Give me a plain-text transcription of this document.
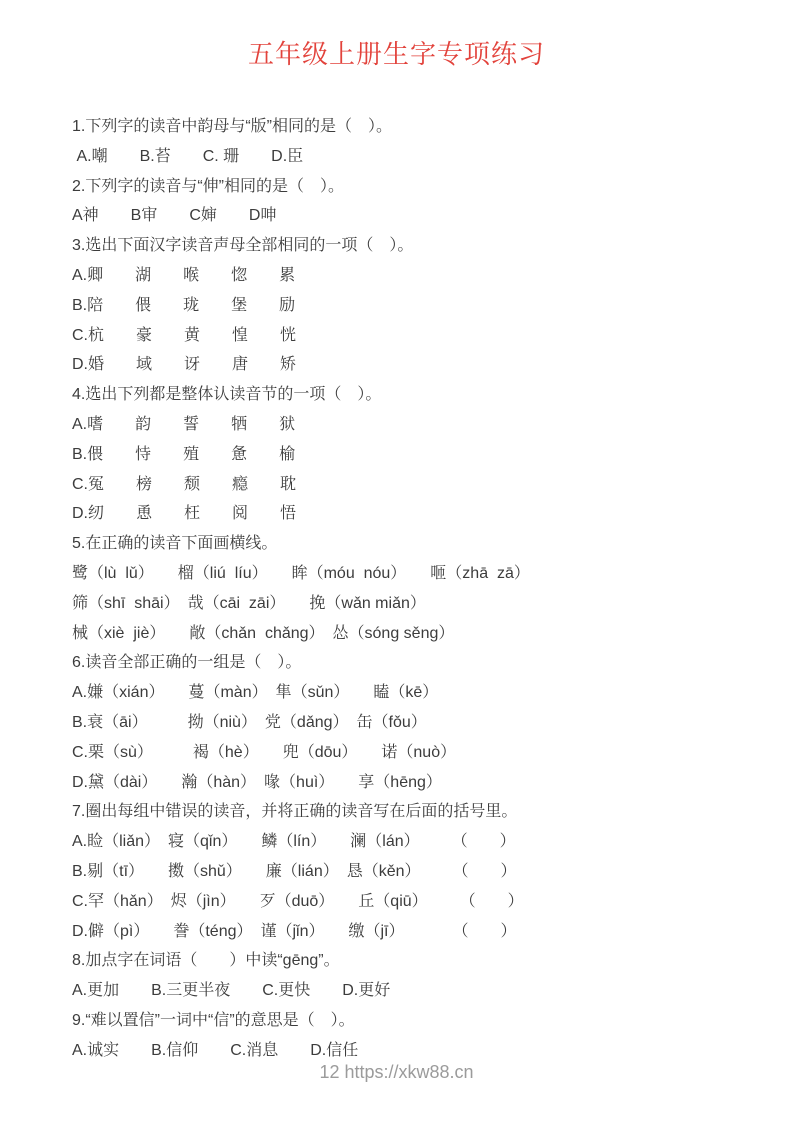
五年级上册生字专项练习
1.下列字的读音中韵母与“版”相同的是（　）。
A.嘲　　B.苔　　C. 珊　　D.臣
2.下列字的读音与“伸”相同的是（　）。
A神　　B审　　C婶　　D呻
3.选出下面汉字读音声母全部相同的一项（　）。
A.卿　　湖　　喉　　惚　　累
B.陪　　偎　　珑　　堡　　励
C.杭　　豪　　黄　　惶　　恍
D.婚　　域　　讶　　唐　　矫
4.选出下列都是整体认读音节的一项（　）。
A.嗜　　韵　　誓　　牺　　狱
B.偎　　恃　　殖　　惫　　榆
C.冤　　榜　　颓　　瘾　　耽
D.纫　　恿　　枉　　阅　　悟
5.在正确的读音下面画横线。
鹭（lù  lǔ）　　榴（liú  líu）　　眸（móu  nóu）　　咂（zhā  zā）
筛（shī  shāi）　哉（cāi  zāi）　　挽（wǎn miǎn）
械（xiè  jiè）　　敞（chǎn  chǎng）　怂（sóng sěng）
6.读音全部正确的一组是（　）。
A.嫌（xián）　　蔓（màn）　隼（sǔn）　　瞌（kē）
B.衰（āi）　　　拗（niù）　党（dǎng）　缶（fǒu）
C.栗（sù）　　　褐（hè）　　兜（dōu）　　诺（nuò）
D.黛（dài）　　瀚（hàn）　喙（huì）　　享（hēng）
7.圈出每组中错误的读音，并将正确的读音写在后面的括号里。
A.睑（liǎn）　寝（qǐn）　　鳞（lín）　　澜（lán）　　　（　　）
B.剔（tī）　　擞（shǔ）　　廉（lián）　恳（kěn）　　　（　　）
C.罕（hǎn）　烬（jìn）　　歹（duō）　　丘（qiū）　　　（　　）
D.僻（pì）　　誊（téng）　谨（jǐn）　　缴（jī）　　　　（　　）
8.加点字在词语（　　）中读“gēng”。
A.更加　　B.三更半夜　　C.更快　　D.更好
9.“难以置信”一词中“信”的意思是（　）。
A.诚实　　B.信仰　　C.消息　　D.信任
12 https://xkw88.cn
